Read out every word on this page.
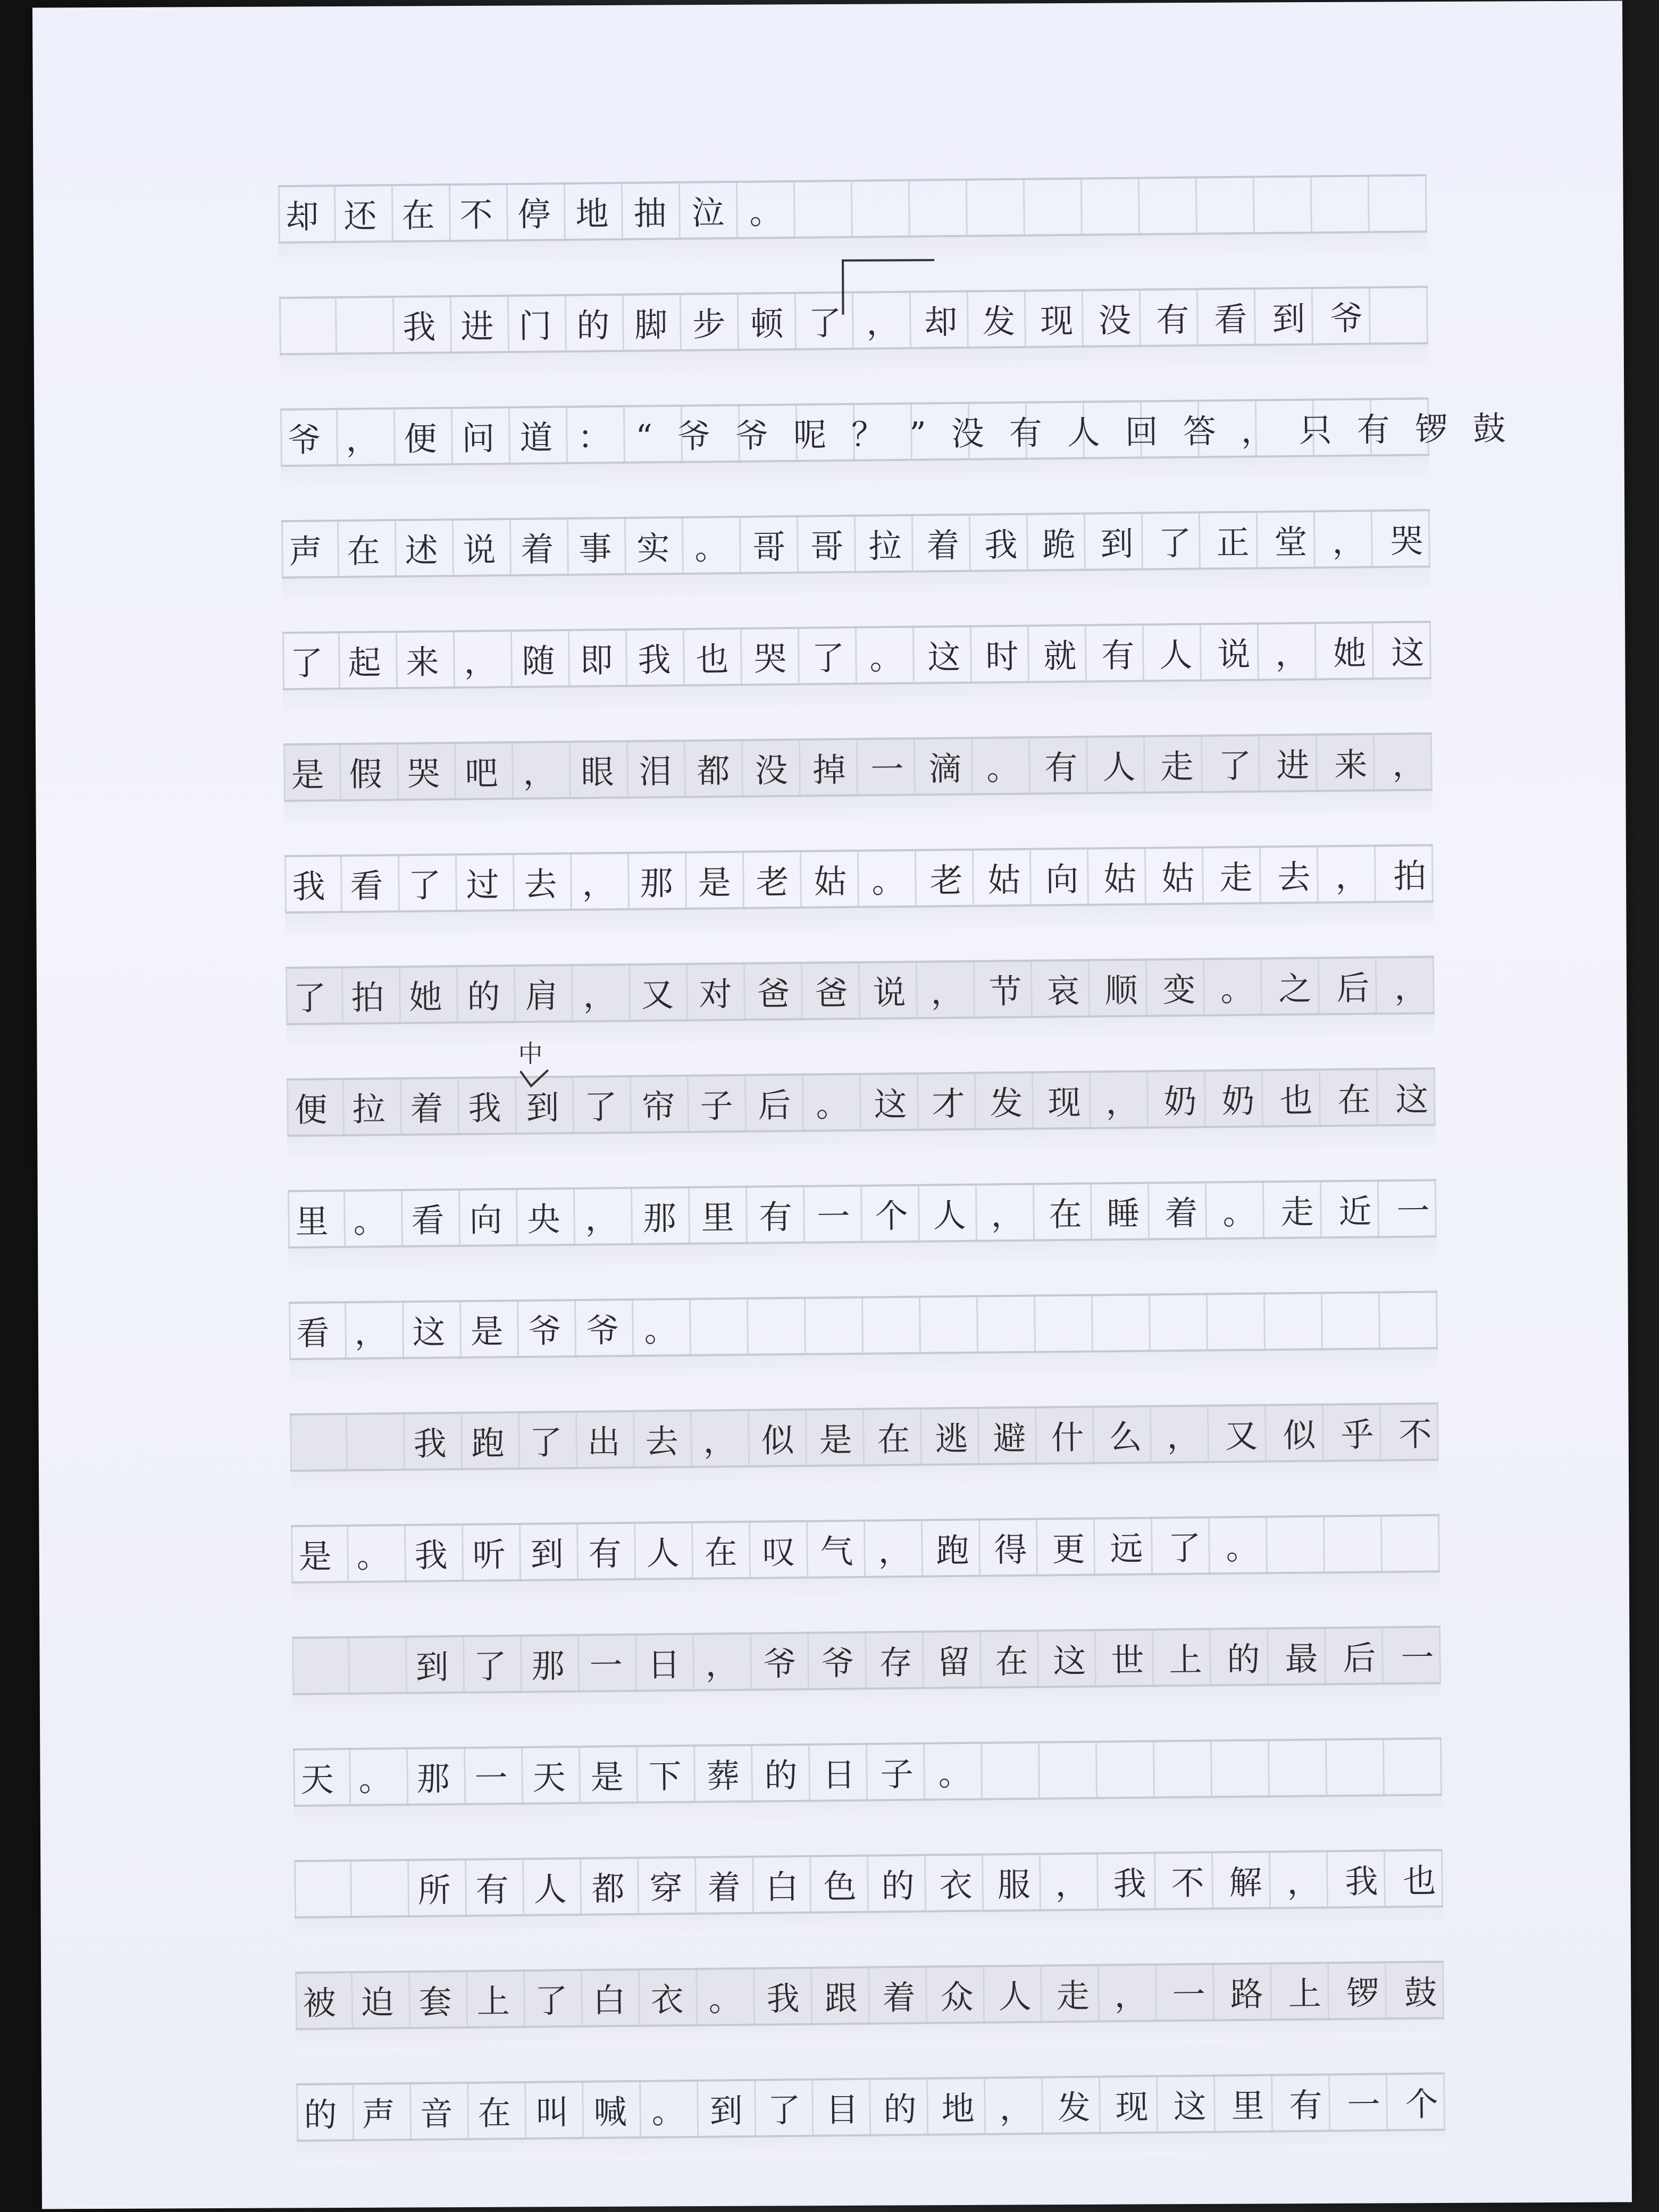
却还在不停地抽泣。
　　我进门的脚步顿了，却发现没有看到爷
爷，便问道：“爷爷呢？”没有人回答，只有锣鼓
声在述说着事实。哥哥拉着我跪到了正堂，哭
了起来，随即我也哭了。这时就有人说，她这
是假哭吧，眼泪都没掉一滴。有人走了进来，
我看了过去，那是老姑。老姑向姑姑走去，拍
了拍她的肩，又对爸爸说，节哀顺变。之后，
便拉着我到了帘子后。这才发现，奶奶也在这
里。看向央，那里有一个人，在睡着。走近一
看，这是爷爷。
　　我跑了出去，似是在逃避什么，又似乎不
是。我听到有人在叹气，跑得更远了。
　　到了那一日，爷爷存留在这世上的最后一
天。那一天是下葬的日子。
　　所有人都穿着白色的衣服，我不解，我也
被迫套上了白衣。我跟着众人走，一路上锣鼓
的声音在叫喊。到了目的地，发现这里有一个
中
